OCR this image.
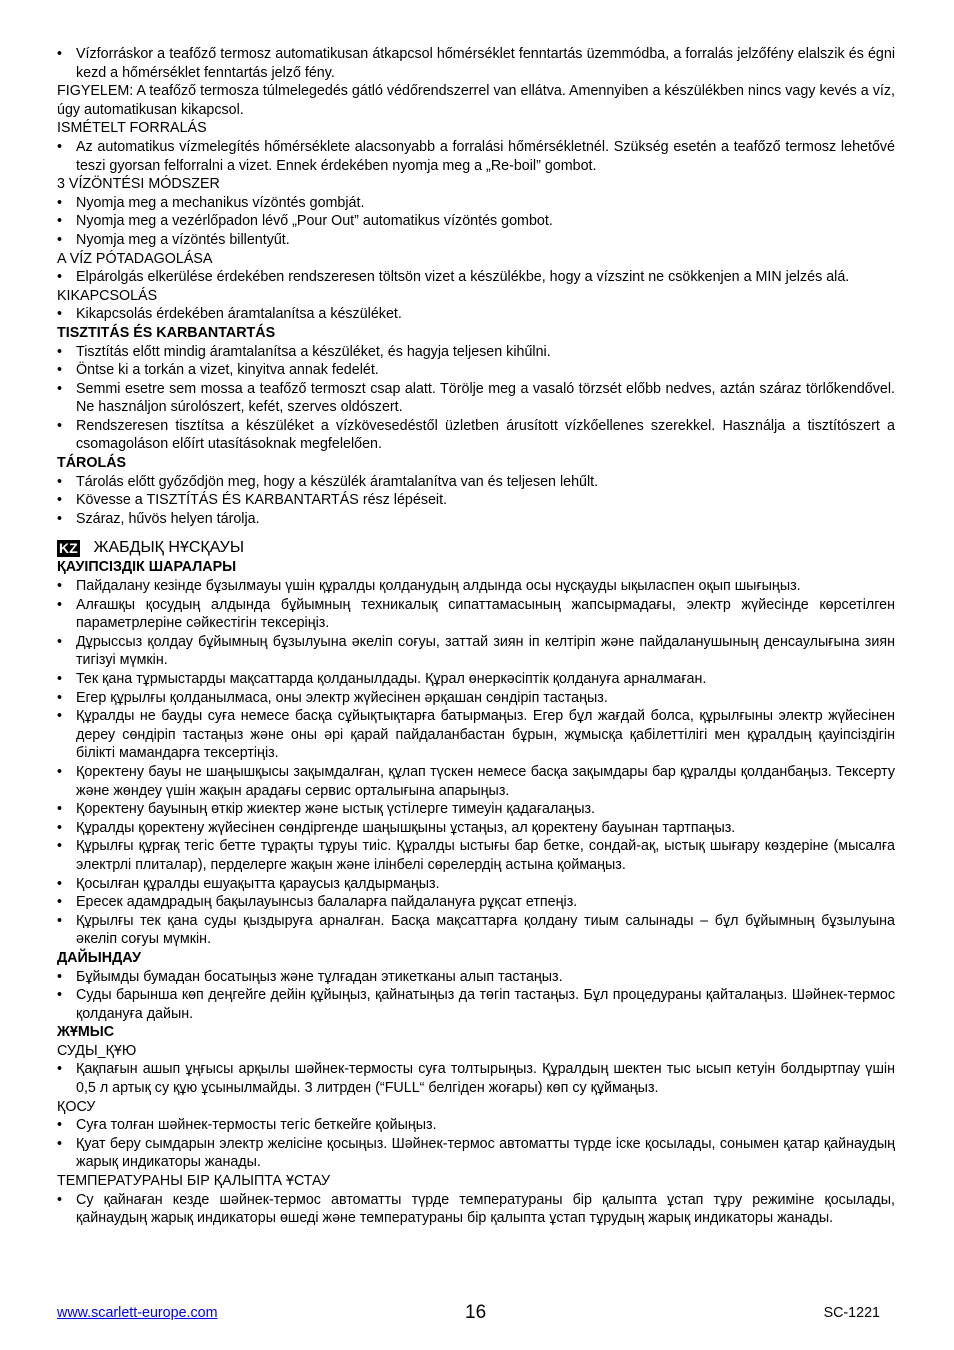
• Vízforráskor a teafőző termosz automatikusan átkapcsol hőmérséklet fenntartás üzemmódba, a forralás jelzőfény elalszik és égni kezd a hőmérséklet fenntartás jelző fény.

FIGYELEM: A teafőző termosza túlmelegedés gátló védőrendszerrel van ellátva. Amennyiben a készülékben nincs vagy kevés a víz, úgy automatikusan kikapcsol.

ISMÉTELT FORRALÁS

• Az automatikus vízmelegítés hőmérséklete alacsonyabb a forralási hőmérsékletnél. Szükség esetén a teafőző termosz lehetővé teszi gyorsan felforralni a vizet. Ennek érdekében nyomja meg a „Re-boil” gombot.

3 VÍZÖNTÉSI MÓDSZER

• Nyomja meg a mechanikus vízöntés gombját.

• Nyomja meg a vezérlőpadon lévő „Pour Out” automatikus vízöntés gombot.

• Nyomja meg a vízöntés billentyűt.

A VÍZ PÓTADAGOLÁSA

• Elpárolgás elkerülése érdekében rendszeresen töltsön vizet a készülékbe, hogy a vízszint ne csökkenjen a MIN jelzés alá.

KIKAPCSOLÁS

• Kikapcsolás érdekében áramtalanítsa a készüléket.

TISZTITÁS ÉS KARBANTARTÁS

• Tisztítás előtt mindig áramtalanítsa a készüléket, és hagyja teljesen kihűlni.

• Öntse ki a torkán a vizet, kinyitva annak fedelét.

• Semmi esetre sem mossa a teafőző termoszt csap alatt. Törölje meg a vasaló törzsét előbb nedves, aztán száraz törlőkendővel. Ne használjon súrolószert, kefét, szerves oldószert.

• Rendszeresen tisztítsa a készüléket a vízkövesedéstől üzletben árusított vízkőellenes szerekkel. Használja a tisztítószert a csomagoláson előírt utasításoknak megfelelően.

TÁROLÁS

• Tárolás előtt győződjön meg, hogy a készülék áramtalanítva van és teljesen lehűlt.

• Kövesse a TISZTÍTÁS ÉS KARBANTARTÁS rész lépéseit.

• Száraz, hűvös helyen tárolja.

KZ ЖАБДЫҚ НҰСҚАУЫ

ҚАУІПСІЗДІК ШАРАЛАРЫ

• Пайдалану кезінде бұзылмауы үшін құралды қолданудың алдында осы нұсқауды ықыласпен оқып шығыңыз.

• Алғашқы қосудың алдында бұйымның техникалық сипаттамасының жапсырмадағы, электр жүйесінде көрсетілген параметрлеріне сәйкестігін тексеріңіз.

• Дұрыссыз қолдау бұйымның бұзылуына әкеліп соғуы, заттай зиян іп келтіріп және пайдаланушының денсаулығына зиян тигізуі мүмкін.

• Тек қана тұрмыстарды мақсаттарда қолданылдады. Құрал өнеркәсіптік қолдануға арналмаған.

• Егер құрылғы қолданылмаса, оны электр жүйесінен әрқашан сөндіріп тастаңыз.

• Құралды не бауды суға немесе басқа сұйықтықтарға батырмаңыз. Егер бұл жағдай болса, құрылғыны электр жүйесінен дереу сөндіріп тастаңыз және оны әрі қарай пайдаланбастан бұрын, жұмысқа қабілеттілігі мен құралдың қауіпсіздігін білікті мамандарға тексертіңіз.

• Қоректену бауы не шаңышқысы зақымдалған, құлап түскен немесе басқа зақымдары бар құралды қолданбаңыз. Тексерту және жөндеу үшін жақын арадағы сервис орталығына апарыңыз.

• Қоректену бауының өткір жиектер және ыстық үстілерге тимеуін қадағалаңыз.

• Құралды қоректену жүйесінен сөндіргенде шаңышқыны ұстаңыз, ал қоректену бауынан тартпаңыз.

• Құрылғы құрғақ тегіс бетте тұрақты тұруы тиіс. Құралды ыстығы бар бетке, сондай-ақ, ыстық шығару көздеріне (мысалға электрлі плиталар), перделерге жақын және ілінбелі сөрелердің астына қоймаңыз.

• Қосылған құралды ешуақытта қараусыз қалдырмаңыз.

• Ересек адамдрадың бақылауынсыз балаларға пайдалануға рұқсат етпеңіз.

• Құрылғы тек қана суды қыздыруға арналған. Басқа мақсаттарға қолдану тиым салынады – бұл бұйымның бұзылуына әкеліп соғуы мүмкін.

ДАЙЫНДАУ

• Бұйымды бумадан босатыңыз және тұлғадан этикетканы алып тастаңыз.

• Суды барынша көп деңгейге дейін құйыңыз, қайнатыңыз да төгіп тастаңыз. Бұл процедураны қайталаңыз. Шәйнек-термос қолдануға дайын.

ЖҰМЫС

СУДЫ_ҚҰЮ

• Қақпағын ашып ұңғысы арқылы шәйнек-термосты суға толтырыңыз. Құралдың шектен тыс ысып кетуін болдыртпау үшін 0,5 л артық су құю ұсынылмайды. 3 литрден (“FULL“ белгіден жоғары) көп су құймаңыз.

ҚОСУ

• Суға толған шәйнек-термосты тегіс беткейге қойыңыз.

• Қуат беру сымдарын электр желісіне қосыңыз. Шәйнек-термос автоматты түрде іске қосылады, сонымен қатар қайнаудың жарық индикаторы жанады.

ТЕМПЕРАТУРАНЫ БІР ҚАЛЫПТА ҰСТАУ

• Су қайнаған кезде шәйнек-термос автоматты түрде температураны бір қалыпта ұстап тұру режиміне қосылады, қайнаудың жарық индикаторы өшеді және температураны бір қалыпта ұстап тұрудың жарық индикаторы жанады.

www.scarlett-europe.com	16	SC-1221
